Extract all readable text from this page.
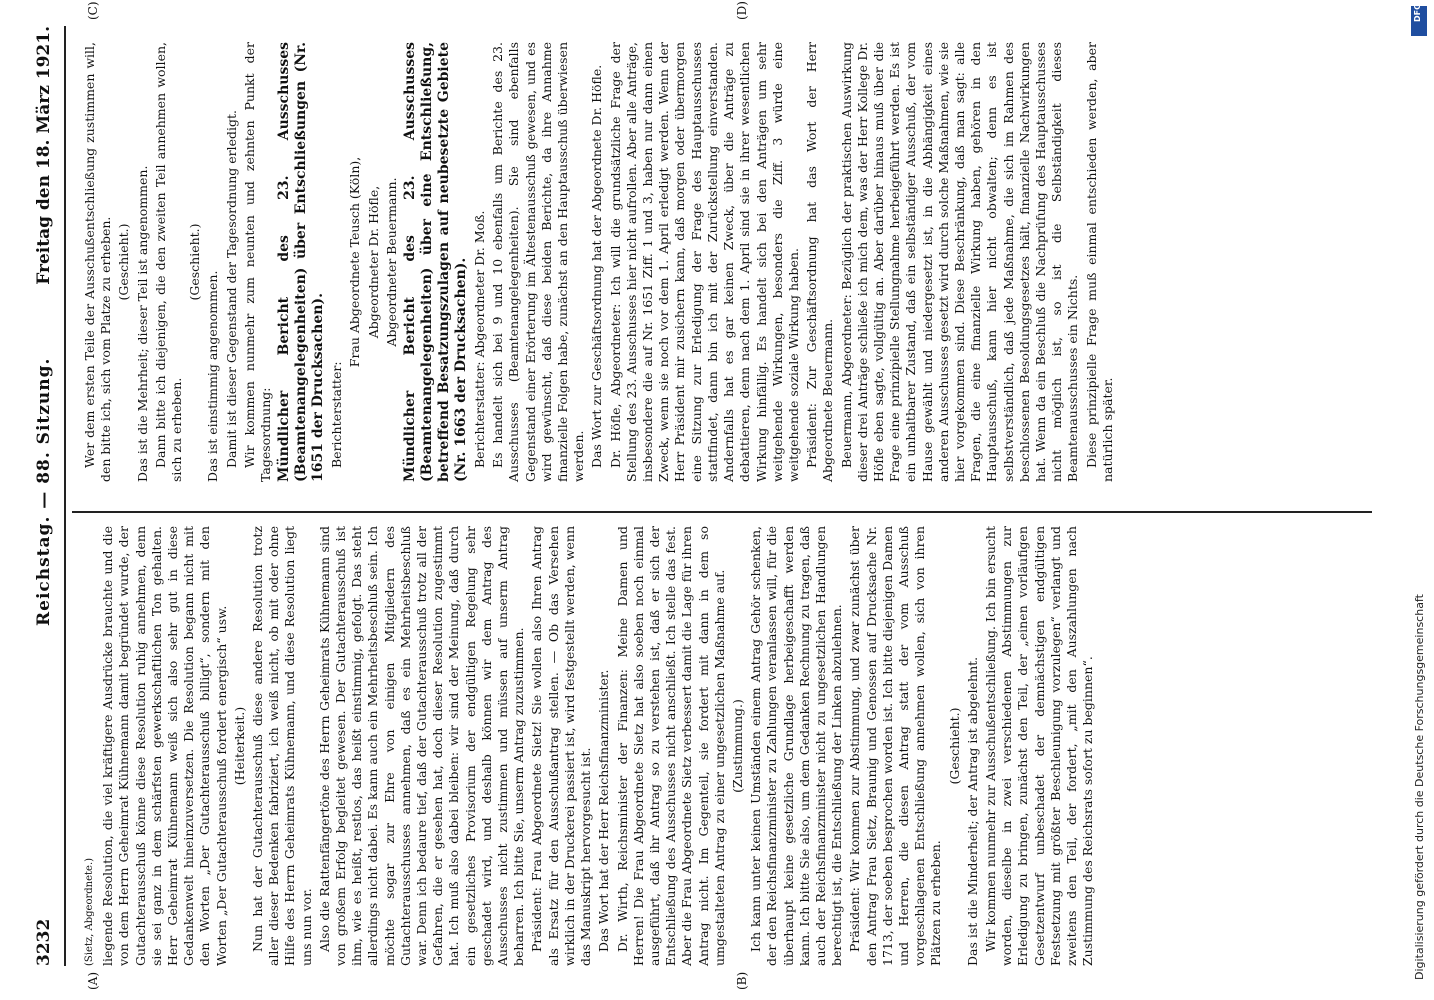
3232
Reichstag. — 88. Sitzung.
Freitag den 18. März 1921.
(A)	(B)
(C)	(D)

(Sietz, Abgeordnete.) liegende Resolution, die viel kräftigere Ausdrücke brauchte und die von dem Herrn Geheimrat Kühnemann damit begründet wurde, der Gutachterausschuß könne diese Resolution ruhig annehmen, denn sie sei ganz in dem schärfsten gewerkschaftlichen Ton gehalten. Herr Geheimrat Kühnemann weiß sich also sehr gut in diese Gedankenwelt hineinzuversetzen. Die Resolution begann nicht mit den Worten „Der Gutachterausschuß billigt“, sondern mit den Worten „Der Gutachterausschuß fordert energisch“ usw. (Heiterkeit.) Nun hat der Gutachterausschuß diese andere Resolution trotz aller dieser Bedenken fabriziert, ich weiß nicht, ob mit oder ohne Hilfe des Herrn Geheimrats Kühnemann, und diese Resolution liegt uns nun vor. Also die Rattenfängertöne des Herrn Geheimrats Kühnemann sind von großem Erfolg begleitet gewesen. Der Gutachterausschuß ist ihm, wie es heißt, restlos, das heißt einstimmig, gefolgt. Das steht allerdings nicht dabei. Es kann auch ein Mehrheitsbeschluß sein. Ich möchte sogar zur Ehre von einigen Mitgliedern des Gutachterausschusses annehmen, daß es ein Mehrheitsbeschluß war. Denn ich bedaure tief, daß der Gutachterausschuß trotz all der Gefahren, die er gesehen hat, doch dieser Resolution zugestimmt hat. Ich muß also dabei bleiben: wir sind der Meinung, daß durch ein gesetzliches Provisorium der endgültigen Regelung sehr geschadet wird, und deshalb können wir dem Antrag des Ausschusses nicht zustimmen und müssen auf unserm Antrag beharren. Ich bitte Sie, unserm Antrag zuzustimmen. Präsident: Frau Abgeordnete Sietz! Sie wollen also Ihren Antrag als Ersatz für den Ausschußantrag stellen. — Ob das Versehen wirklich in der Druckerei passiert ist, wird festgestellt werden, wenn das Manuskript hervorgesucht ist. Das Wort hat der Herr Reichsfinanzminister. Dr. Wirth, Reichsminister der Finanzen: Meine Damen und Herren! Die Frau Abgeordnete Sietz hat also soeben noch einmal ausgeführt, daß ihr Antrag so zu verstehen ist, daß er sich der Entschließung des Ausschusses nicht anschließt. Ich stelle das fest. Aber die Frau Abgeordnete Sietz verbessert damit die Lage für ihren Antrag nicht. Im Gegenteil, sie fordert mit dann in dem so umgestalteten Antrag zu einer ungesetzlichen Maßnahme auf. (Zustimmung.) Ich kann unter keinen Umständen einem Antrag Gehör schenken, der den Reichsfinanzminister zu Zahlungen veranlassen will, für die überhaupt keine gesetzliche Grundlage herbeigeschafft werden kann. Ich bitte Sie also, um dem Gedanken Rechnung zu tragen, daß auch der Reichsfinanzminister nicht zu ungesetzlichen Handlungen berechtigt ist, die Entschließung der Linken abzulehnen. Präsident: Wir kommen zur Abstimmung, und zwar zunächst über den Antrag Frau Sietz, Braunig und Genossen auf Drucksache Nr. 1713, der soeben besprochen worden ist. Ich bitte diejenigen Damen und Herren, die diesen Antrag statt der vom Ausschuß vorgeschlagenen Entschließung annehmen wollen, sich von ihren Plätzen zu erheben.

(Geschieht.) Das ist die Minderheit; der Antrag ist abgelehnt. Wir kommen nunmehr zur Ausschußentschließung. Ich bin ersucht worden, dieselbe in zwei verschiedenen Abstimmungen zur Erledigung zu bringen, zunächst den Teil, der „einen vorläufigen Gesetzentwurf unbeschadet der demnächstigen endgültigen Festsetzung mit größter Beschleunigung vorzulegen“ verlangt und zweitens den Teil, der fordert, „mit den Auszahlungen nach Zustimmung des Reichsrats sofort zu beginnen“.

Wer dem ersten Teile der Ausschußentschließung zustimmen will, den bitte ich, sich vom Platze zu erheben. (Geschieht.) Das ist die Mehrheit; dieser Teil ist angenommen. Dann bitte ich diejenigen, die den zweiten Teil annehmen wollen, sich zu erheben.

(Geschieht.)

Das ist einstimmig angenommen. Damit ist dieser Gegenstand der Tagesordnung erledigt. Wir kommen nunmehr zum neunten und zehnten Punkt der Tagesordnung: Mündlicher Bericht des 23. Ausschusses (Beamtenangelegenheiten) über Entschließungen (Nr. 1651 der Drucksachen). Berichterstatter:

Frau Abgeordnete Teusch (Köln), Abgeordneter Dr. Höfle, Abgeordneter Beuermann. Mündlicher Bericht des 23. Ausschusses (Beamtenangelegenheiten) über eine Entschließung, betreffend Besatzungszulagen auf neubesetzte Gebiete (Nr. 1663 der Drucksachen). Berichterstatter: Abgeordneter Dr. Moß. Es handelt sich bei 9 und 10 ebenfalls um Berichte des 23. Ausschusses (Beamtenangelegenheiten). Sie sind ebenfalls Gegenstand einer Erörterung im Ältestenausschuß gewesen, und es wird gewünscht, daß diese beiden Berichte, da ihre Annahme finanzielle Folgen habe, zunächst an den Hauptausschuß überwiesen werden. Das Wort zur Geschäftsordnung hat der Abgeordnete Dr. Höfle. Dr. Höfle, Abgeordneter: Ich will die grundsätzliche Frage der Stellung des 23. Ausschusses hier nicht aufrollen. Aber alle Anträge, insbesondere die auf Nr. 1651 Ziff. 1 und 3, haben nur dann einen Zweck, wenn sie noch vor dem 1. April erledigt werden. Wenn der Herr Präsident mir zusichern kann, daß morgen oder übermorgen eine Sitzung zur Erledigung der Frage des Hauptausschusses stattfindet, dann bin ich mit der Zurückstellung einverstanden. Andernfalls hat es gar keinen Zweck, über die Anträge zu debattieren, denn nach dem 1. April sind sie in ihrer wesentlichen Wirkung hinfällig. Es handelt sich bei den Anträgen um sehr weitgehende Wirkungen, besonders die Ziff. 3 würde eine weitgehende soziale Wirkung haben. Präsident: Zur Geschäftsordnung hat das Wort der Herr Abgeordnete Beuermann. Beuermann, Abgeordneter: Bezüglich der praktischen Auswirkung dieser drei Anträge schließe ich mich dem, was der Herr Kollege Dr. Höfle eben sagte, vollgültig an. Aber darüber hinaus muß über die Frage eine prinzipielle Stellungnahme herbeigeführt werden. Es ist ein unhaltbarer Zustand, daß ein selbständiger Ausschuß, der vom Hause gewählt und niedergesetzt ist, in die Abhängigkeit eines anderen Ausschusses gesetzt wird durch solche Maßnahmen, wie sie hier vorgekommen sind. Diese Beschränkung, daß man sagt: alle Fragen, die eine finanzielle Wirkung haben, gehören in den Hauptausschuß, kann hier nicht obwalten; denn es ist selbstverständlich, daß jede Maßnahme, die sich im Rahmen des beschlossenen Besoldungsgesetzes hält, finanzielle Nachwirkungen hat. Wenn da ein Beschluß die Nachprüfung des Hauptausschusses nicht möglich ist, so ist die Selbständigkeit dieses Beamtenausschusses ein Nichts. Diese prinzipielle Frage muß einmal entschieden werden, aber natürlich später.

DFG
Digitalisierung gefördert durch die Deutsche Forschungsgemeinschaft
